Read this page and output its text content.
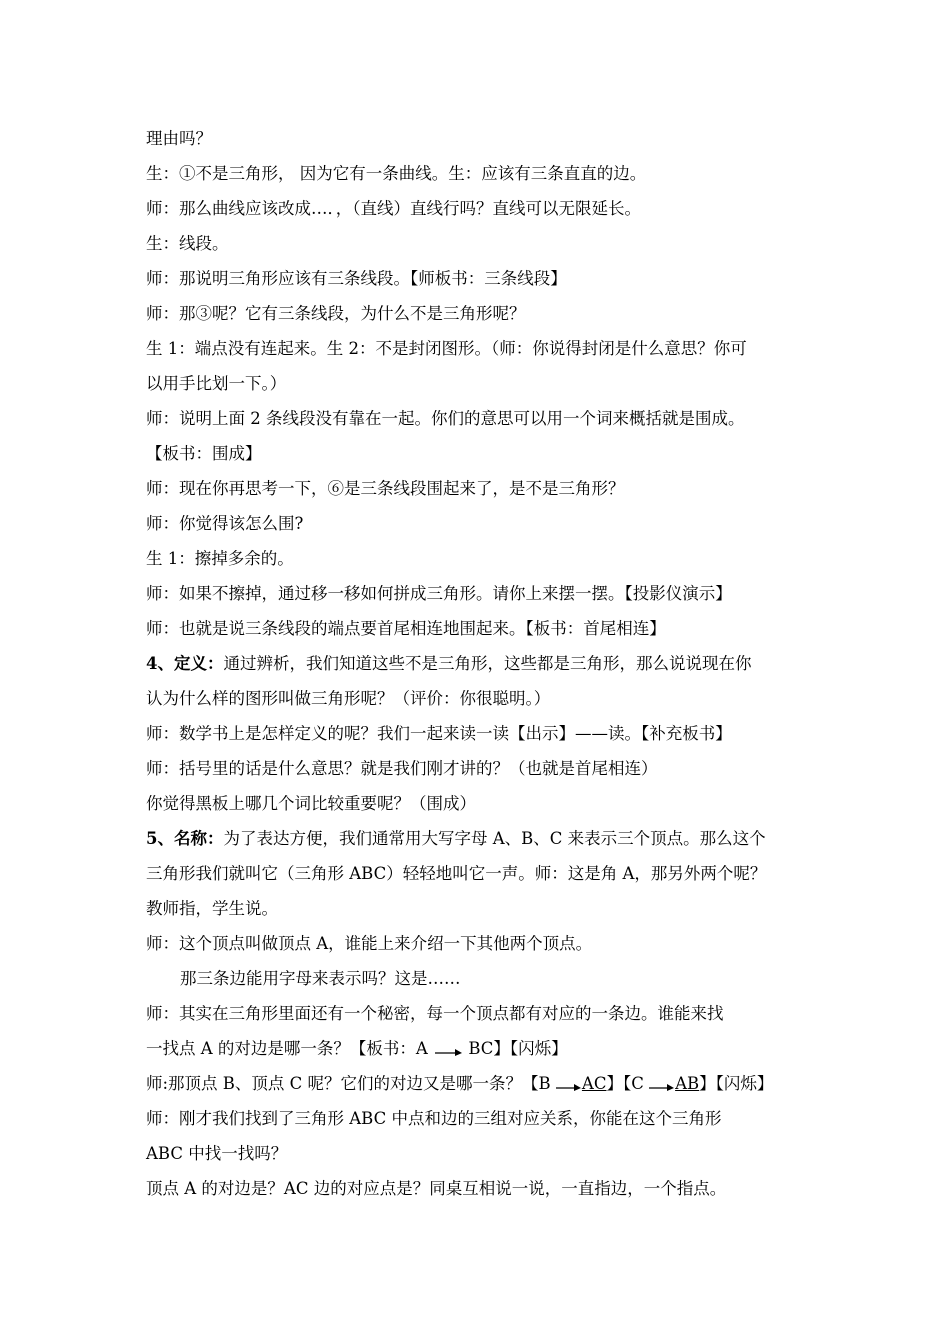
理由吗？
生：①不是三角形， 因为它有一条曲线。生：应该有三条直直的边。
师：那么曲线应该改成…．，（直线）直线行吗？直线可以无限延长。
生：线段。
师：那说明三角形应该有三条线段。【师板书：三条线段】
师：那③呢？它有三条线段，为什么不是三角形呢？
生 1：端点没有连起来。生 2：不是封闭图形。（师：你说得封闭是什么意思？你可
以用手比划一下。）
师：说明上面 2 条线段没有靠在一起。你们的意思可以用一个词来概括就是围成。
【板书：围成】
师：现在你再思考一下，⑥是三条线段围起来了，是不是三角形？
师：你觉得该怎么围?
生 1：擦掉多余的。
师：如果不擦掉，通过移一移如何拼成三角形。请你上来摆一摆。【投影仪演示】
师：也就是说三条线段的端点要首尾相连地围起来。【板书：首尾相连】
4、定义：通过辨析，我们知道这些不是三角形，这些都是三角形，那么说说现在你
认为什么样的图形叫做三角形呢？（评价：你很聪明。）
师：数学书上是怎样定义的呢？我们一起来读一读【出示】——读。【补充板书】
师：括号里的话是什么意思？就是我们刚才讲的？（也就是首尾相连）
你觉得黑板上哪几个词比较重要呢？（围成）
5、名称：为了表达方便，我们通常用大写字母 A、B、C 来表示三个顶点。那么这个
三角形我们就叫它（三角形 ABC）轻轻地叫它一声。师：这是角 A，那另外两个呢？
教师指，学生说。
师：这个顶点叫做顶点 A，谁能上来介绍一下其他两个顶点。
那三条边能用字母来表示吗？这是……
师：其实在三角形里面还有一个秘密，每一个顶点都有对应的一条边。谁能来找
一找点 A 的对边是哪一条？【板书：A BC】【闪烁】
师:那顶点 B、顶点 C 呢？它们的对边又是哪一条？【B AC】【C AB】【闪烁】
师：刚才我们找到了三角形 ABC 中点和边的三组对应关系，你能在这个三角形
ABC 中找一找吗？
顶点 A 的对边是？AC 边的对应点是？同桌互相说一说，一直指边，一个指点。
